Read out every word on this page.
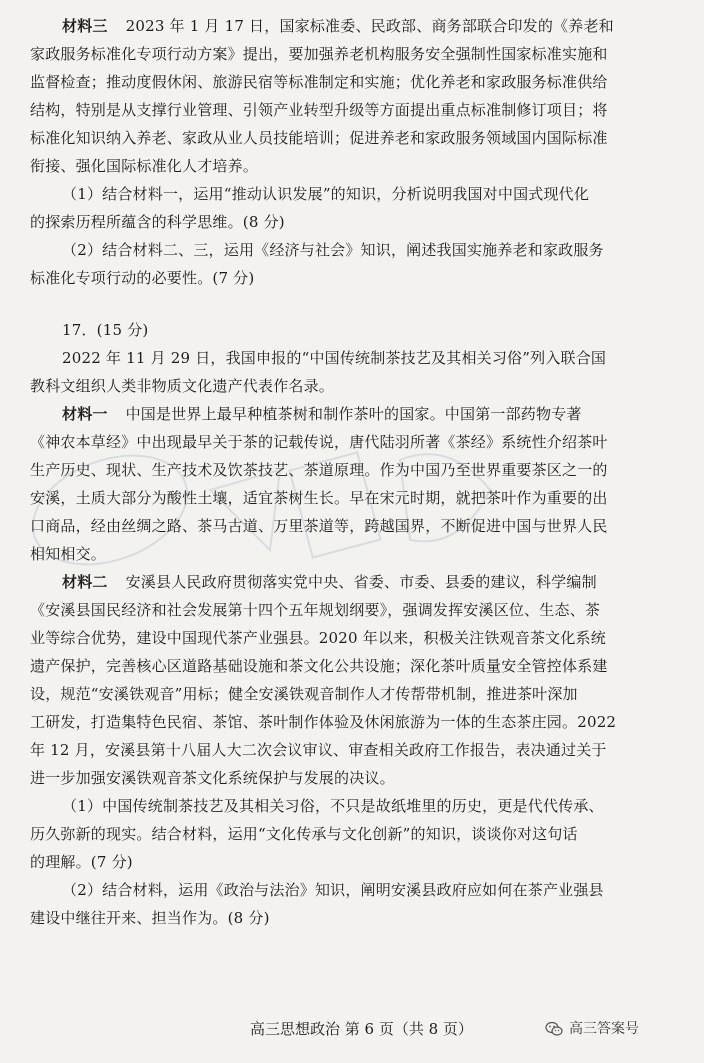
材料三 2023 年 1 月 17 日，国家标准委、民政部、商务部联合印发的《养老和
家政服务标准化专项行动方案》提出，要加强养老机构服务安全强制性国家标准实施和
监督检查；推动度假休闲、旅游民宿等标准制定和实施；优化养老和家政服务标准供给
结构，特别是从支撑行业管理、引领产业转型升级等方面提出重点标准制修订项目；将
标准化知识纳入养老、家政从业人员技能培训；促进养老和家政服务领域国内国际标准
衔接、强化国际标准化人才培养。
（1）结合材料一，运用“推动认识发展”的知识，分析说明我国对中国式现代化
的探索历程所蕴含的科学思维。(8 分)
（2）结合材料二、三，运用《经济与社会》知识，阐述我国实施养老和家政服务
标准化专项行动的必要性。(7 分)
17．(15 分)
2022 年 11 月 29 日，我国申报的“中国传统制茶技艺及其相关习俗”列入联合国
教科文组织人类非物质文化遗产代表作名录。
材料一 中国是世界上最早种植茶树和制作茶叶的国家。中国第一部药物专著
《神农本草经》中出现最早关于茶的记载传说，唐代陆羽所著《茶经》系统性介绍茶叶
生产历史、现状、生产技术及饮茶技艺、茶道原理。作为中国乃至世界重要茶区之一的
安溪，土质大部分为酸性土壤，适宜茶树生长。早在宋元时期，就把茶叶作为重要的出
口商品，经由丝绸之路、茶马古道、万里茶道等，跨越国界，不断促进中国与世界人民
相知相交。
材料二 安溪县人民政府贯彻落实党中央、省委、市委、县委的建议，科学编制
《安溪县国民经济和社会发展第十四个五年规划纲要》，强调发挥安溪区位、生态、茶
业等综合优势，建设中国现代茶产业强县。2020 年以来，积极关注铁观音茶文化系统
遗产保护，完善核心区道路基础设施和茶文化公共设施；深化茶叶质量安全管控体系建
设，规范“安溪铁观音”用标；健全安溪铁观音制作人才传帮带机制，推进茶叶深加
工研发，打造集特色民宿、茶馆、茶叶制作体验及休闲旅游为一体的生态茶庄园。2022
年 12 月，安溪县第十八届人大二次会议审议、审查相关政府工作报告，表决通过关于
进一步加强安溪铁观音茶文化系统保护与发展的决议。
（1）中国传统制茶技艺及其相关习俗，不只是故纸堆里的历史，更是代代传承、
历久弥新的现实。结合材料，运用“文化传承与文化创新”的知识，谈谈你对这句话
的理解。(7 分)
（2）结合材料，运用《政治与法治》知识，阐明安溪县政府应如何在茶产业强县
建设中继往开来、担当作为。(8 分)
高三思想政治 第 6 页（共 8 页）	高三答案号
